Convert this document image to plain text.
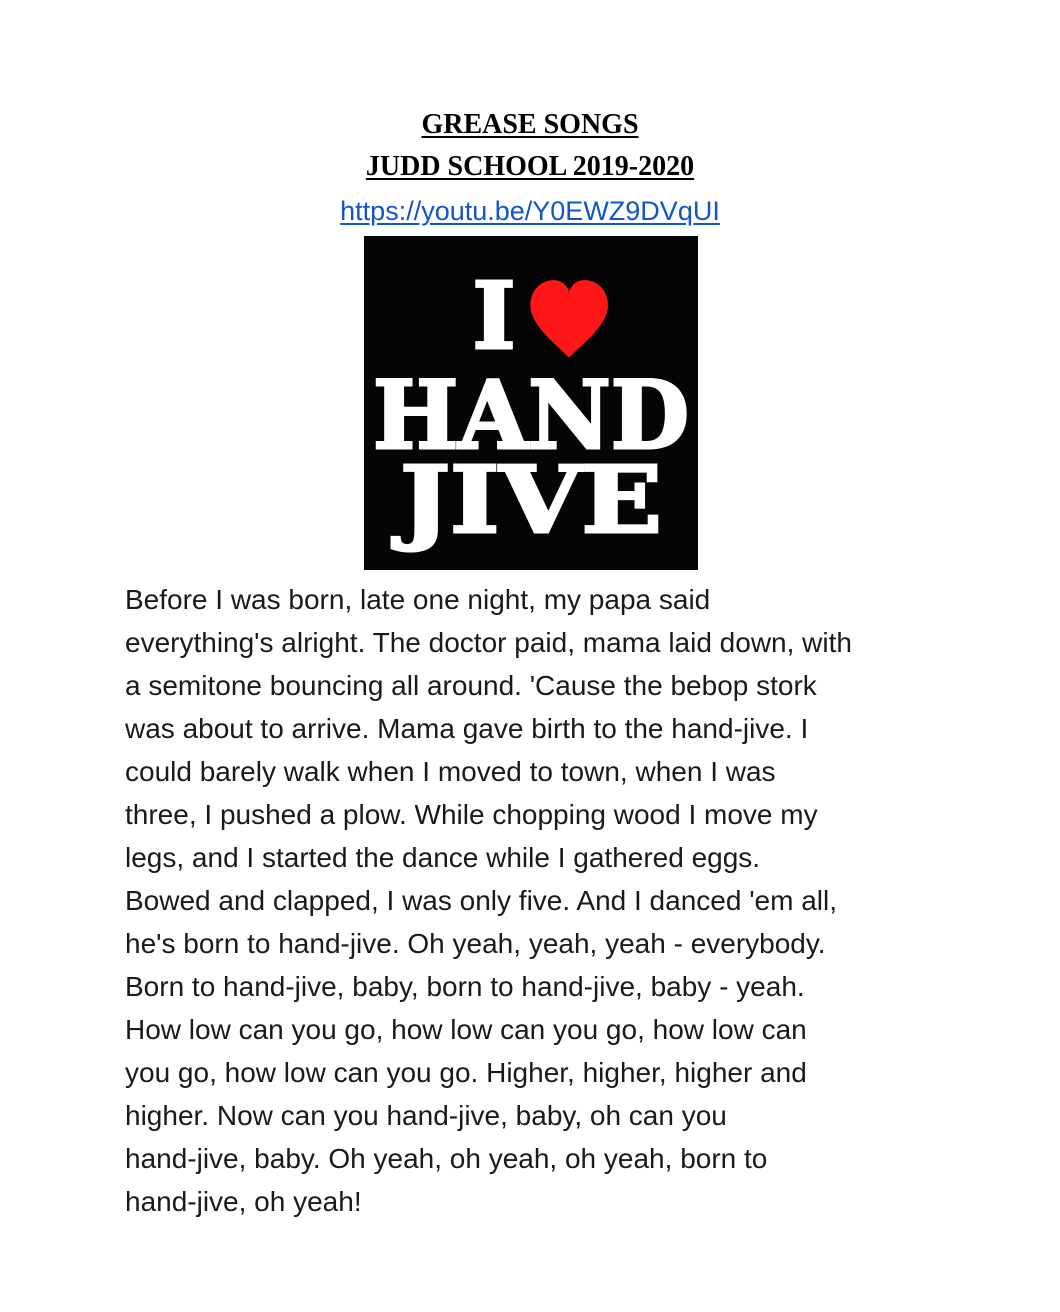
GREASE SONGS
JUDD SCHOOL 2019-2020
https://youtu.be/Y0EWZ9DVqUI
I
HAND
JIVE

Before I was born, late one night, my papa said
everything's alright. The doctor paid, mama laid down, with
a semitone bouncing all around. 'Cause the bebop stork
was about to arrive. Mama gave birth to the hand-jive. I
could barely walk when I moved to town, when I was
three, I pushed a plow. While chopping wood I move my
legs, and I started the dance while I gathered eggs.
Bowed and clapped, I was only five. And I danced 'em all,
he's born to hand-jive. Oh yeah, yeah, yeah - everybody.
Born to hand-jive, baby, born to hand-jive, baby - yeah.
How low can you go, how low can you go, how low can
you go, how low can you go. Higher, higher, higher and
higher. Now can you hand-jive, baby, oh can you
hand-jive, baby. Oh yeah, oh yeah, oh yeah, born to
hand-jive, oh yeah!
